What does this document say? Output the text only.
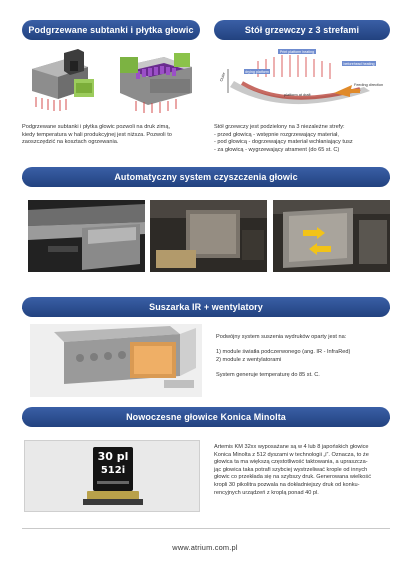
Podgrzewane subtanki i płytka głowic	Stół grzewczy z 3 strefami
Print platform heating
drying platform
beforehead heating
platform at draft
Feeding direction
Outer
Podgrzewane subtanki i płytka głowic pozwoli na druk zimą,
kiedy temperatura w hali produkcyjnej jest niższa. Pozwoli to
zaoszczędzić na kosztach ogrzewania.
Stół grzewczy jest podzielony na 3 niezależne strefy:
- przed głowicą - wstępnie rozgrzewający materiał,
- pod głowicą - dogrzewający materiał wchłaniający tusz
- za głowicą - wygrzewający atrament (do 65 st. C)
Automatyczny system czyszczenia głowic
Suszarka IR + wentylatory
Podwójny system suszenia wydruków oparty jest na:
1) module światła podczerwonego (ang. IR - InfraRed)
2) module z wentylatorami
System generuje temperaturę do 85 st. C.
Nowoczesne głowice Konica Minolta
30 pl
512i
Artemis KM 32xx wyposażane są w 4 lub 8 japońskich głowice
Konica Minolta z 512 dyszami w technologii „i”. Oznacza, to że
głowica ta ma większą częstotliwość taktowania, a upraszcza-
jąc głowica taka potrafi szybciej wystrzeliwać krople od innych
głowic co przekłada się na szybszy druk. Generowana wielkość
kropli 30 pikolitra pozwala na dokładniejszy druk od konku-
rencyjnych urządzeń z kroplą ponad 40 pl.
www.atrium.com.pl
